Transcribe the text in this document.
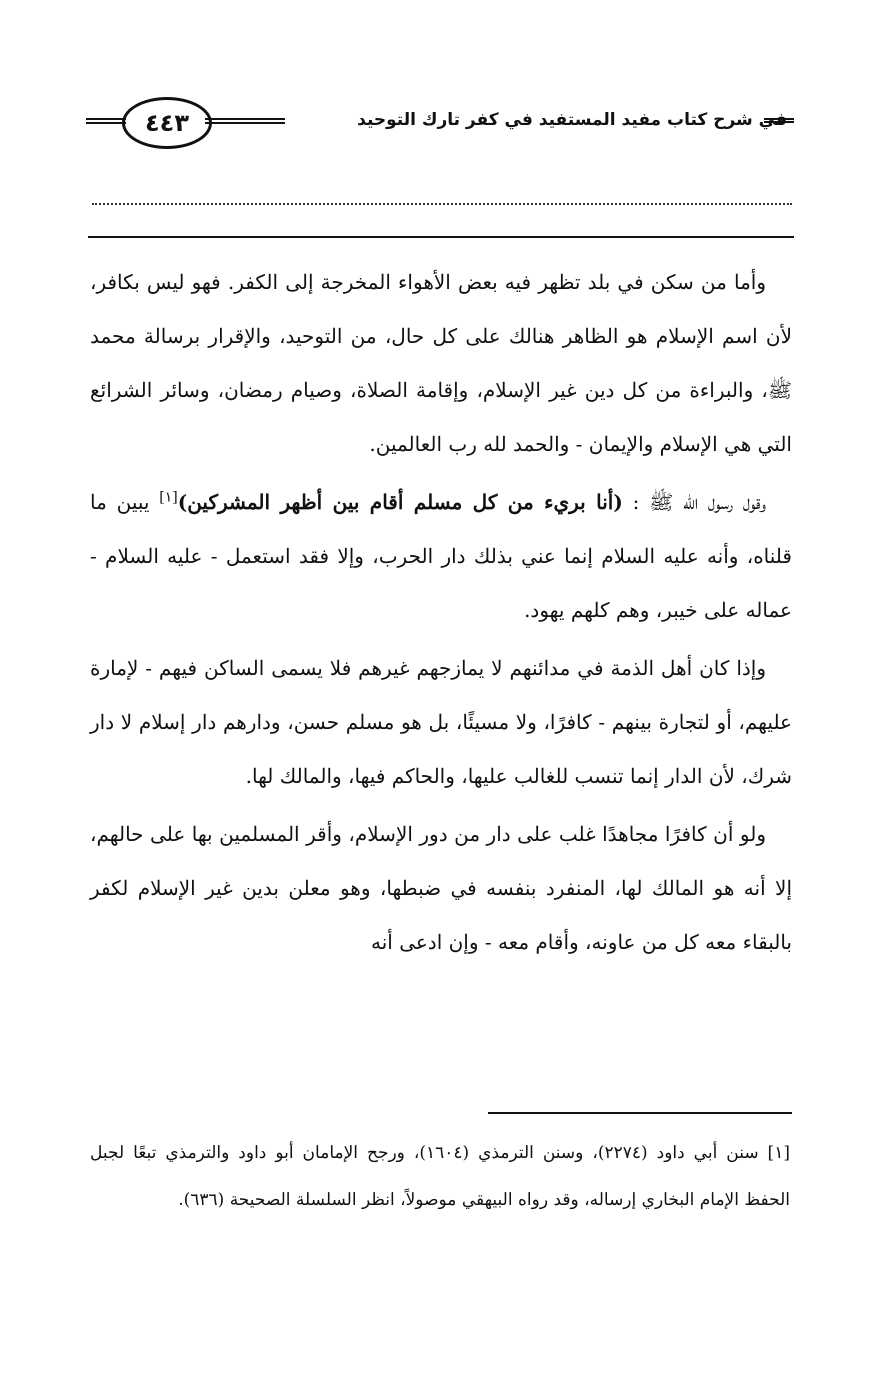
في شرح كتاب مفيد المستفيد في كفر تارك التوحيد
٤٤٣

وأما من سكن في بلد تظهر فيه بعض الأهواء المخرجة إلى الكفر. فهو ليس بكافر، لأن اسم الإسلام هو الظاهر هنالك على كل حال، من التوحيد، والإقرار برسالة محمد ﷺ، والبراءة من كل دين غير الإسلام، وإقامة الصلاة، وصيام رمضان، وسائر الشرائع التي هي الإسلام والإيمان - والحمد لله رب العالمين.

وقول رسول الله ﷺ : (أنا بريء من كل مسلم أقام بين أظهر المشركين)[١] يبين ما قلناه، وأنه عليه السلام إنما عني بذلك دار الحرب، وإلا فقد استعمل - عليه السلام - عماله على خيبر، وهم كلهم يهود.

وإذا كان أهل الذمة في مدائنهم لا يمازجهم غيرهم فلا يسمى الساكن فيهم - لإمارة عليهم، أو لتجارة بينهم - كافرًا، ولا مسيئًا، بل هو مسلم حسن، ودارهم دار إسلام لا دار شرك، لأن الدار إنما تنسب للغالب عليها، والحاكم فيها، والمالك لها.

ولو أن كافرًا مجاهدًا غلب على دار من دور الإسلام، وأقر المسلمين بها على حالهم، إلا أنه هو المالك لها، المنفرد بنفسه في ضبطها، وهو معلن بدين غير الإسلام لكفر بالبقاء معه كل من عاونه، وأقام معه - وإن ادعى أنه

[١] سنن أبي داود (٢٢٧٤)، وسنن الترمذي (١٦٠٤)، ورجح الإمامان أبو داود والترمذي تبعًا لجبل الحفظ الإمام البخاري إرساله، وقد رواه البيهقي موصولاً، انظر السلسلة الصحيحة (٦٣٦).
